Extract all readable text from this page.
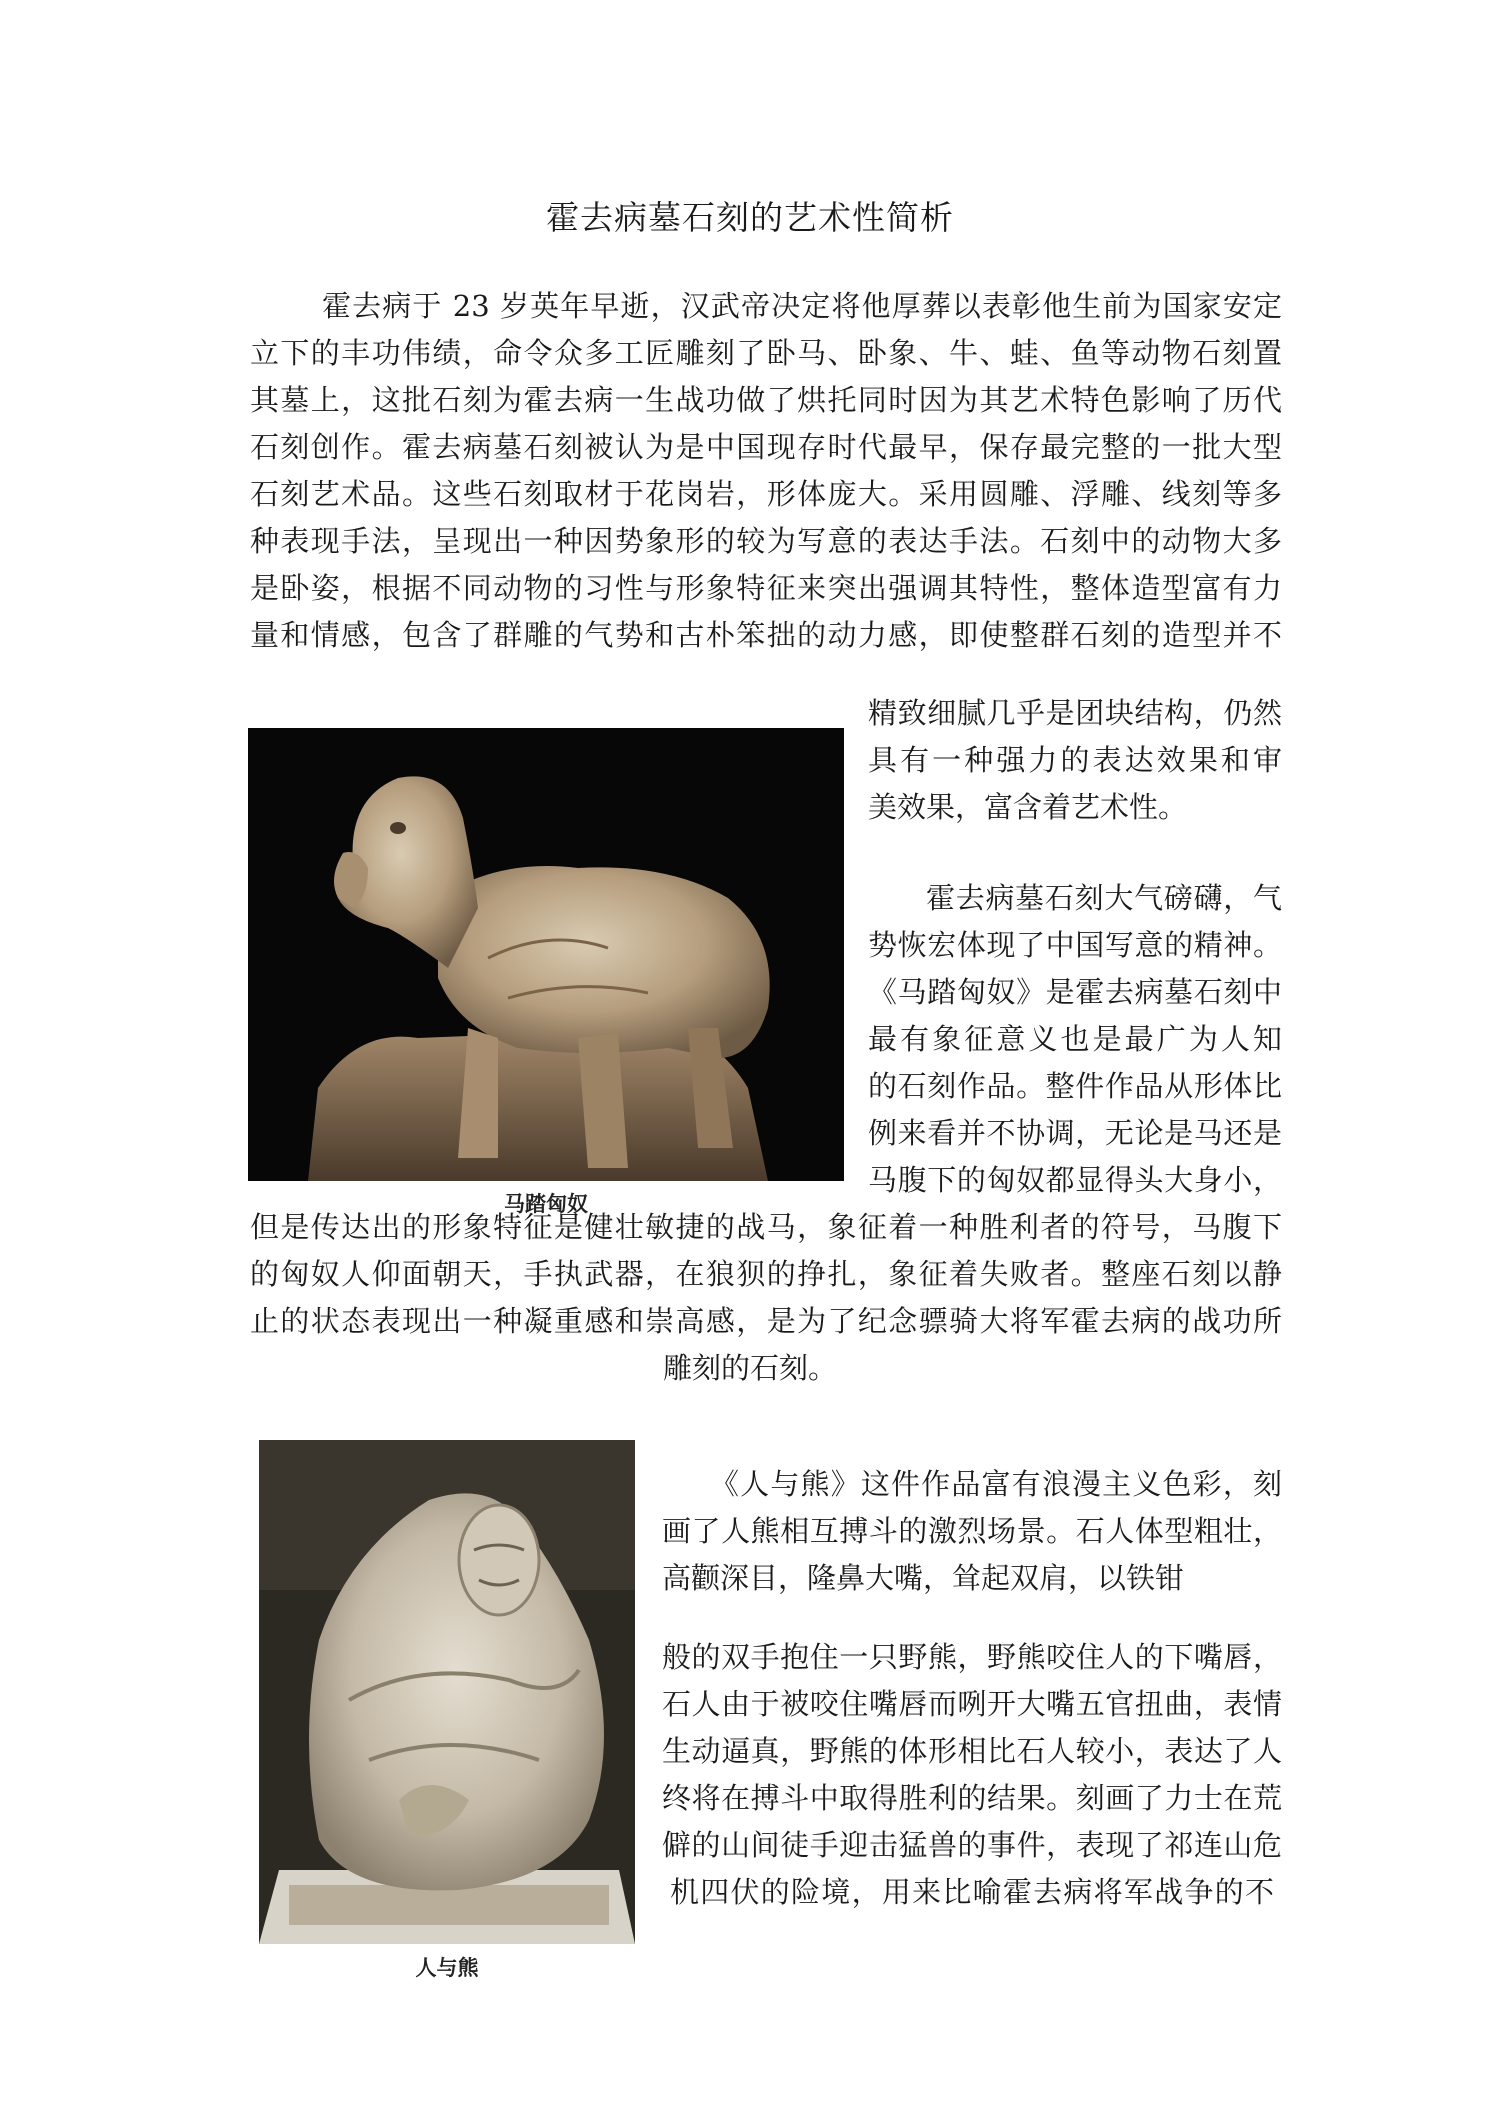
霍去病墓石刻的艺术性简析
霍去病于 23 岁英年早逝，汉武帝决定将他厚葬以表彰他生前为国家安定
立下的丰功伟绩，命令众多工匠雕刻了卧马、卧象、牛、蛙、鱼等动物石刻置
其墓上，这批石刻为霍去病一生战功做了烘托同时因为其艺术特色影响了历代
石刻创作。霍去病墓石刻被认为是中国现存时代最早，保存最完整的一批大型
石刻艺术品。这些石刻取材于花岗岩，形体庞大。采用圆雕、浮雕、线刻等多
种表现手法，呈现出一种因势象形的较为写意的表达手法。石刻中的动物大多
是卧姿，根据不同动物的习性与形象特征来突出强调其特性，整体造型富有力
量和情感，包含了群雕的气势和古朴笨拙的动力感，即使整群石刻的造型并不
精致细腻几乎是团块结构，仍然
具有一种强力的表达效果和审
美效果，富含着艺术性。
马踏匈奴
霍去病墓石刻大气磅礴，气
势恢宏体现了中国写意的精神。
《马踏匈奴》是霍去病墓石刻中
最有象征意义也是最广为人知
的石刻作品。整件作品从形体比
例来看并不协调，无论是马还是
马腹下的匈奴都显得头大身小，
但是传达出的形象特征是健壮敏捷的战马，象征着一种胜利者的符号，马腹下
的匈奴人仰面朝天，手执武器，在狼狈的挣扎，象征着失败者。整座石刻以静
止的状态表现出一种凝重感和崇高感，是为了纪念骠骑大将军霍去病的战功所
雕刻的石刻。
人与熊
《人与熊》这件作品富有浪漫主义色彩，刻
画了人熊相互搏斗的激烈场景。石人体型粗壮，
高颧深目，隆鼻大嘴，耸起双肩，以铁钳
般的双手抱住一只野熊，野熊咬住人的下嘴唇，
石人由于被咬住嘴唇而咧开大嘴五官扭曲，表情
生动逼真，野熊的体形相比石人较小，表达了人
终将在搏斗中取得胜利的结果。刻画了力士在荒
僻的山间徒手迎击猛兽的事件，表现了祁连山危
机四伏的险境，用来比喻霍去病将军战争的不
